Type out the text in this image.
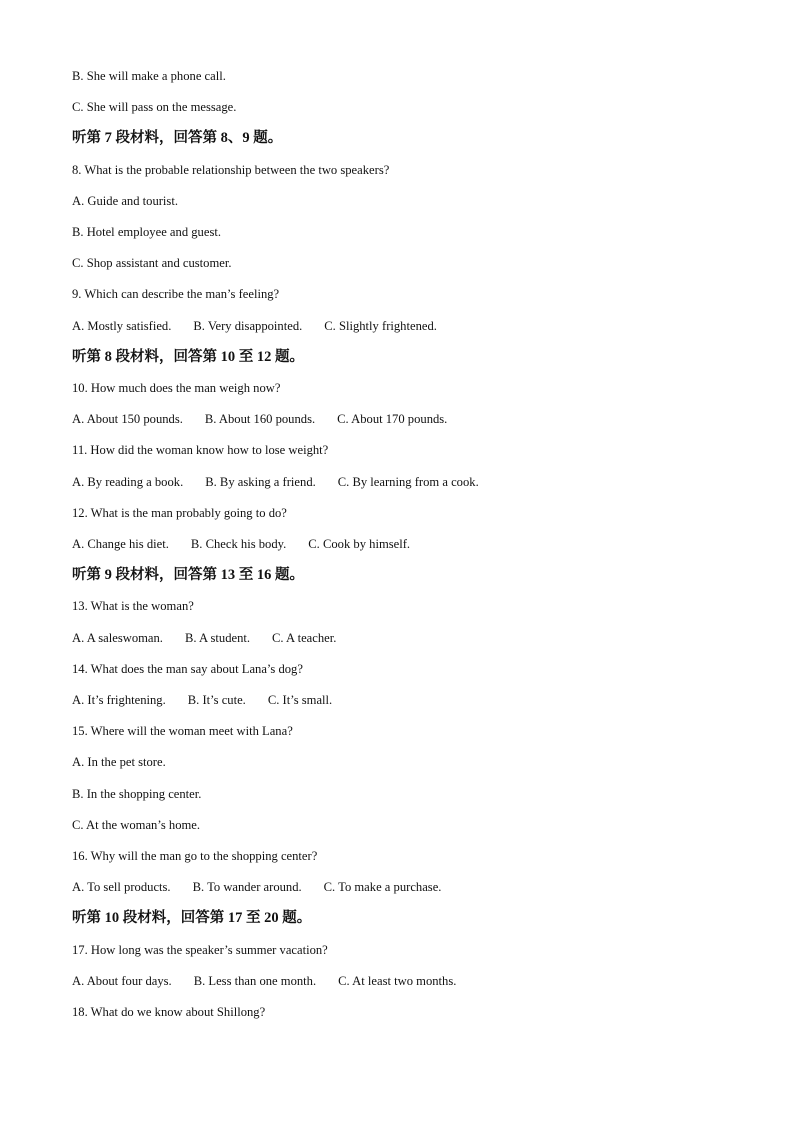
B. She will make a phone call.
C. She will pass on the message.
听第 7 段材料，回答第 8、9 题。
8. What is the probable relationship between the two speakers?
A. Guide and tourist.
B. Hotel employee and guest.
C. Shop assistant and customer.
9. Which can describe the man’s feeling?
A. Mostly satisfied. B. Very disappointed. C. Slightly frightened.
听第 8 段材料，回答第 10 至 12 题。
10. How much does the man weigh now?
A. About 150 pounds. B. About 160 pounds. C. About 170 pounds.
11. How did the woman know how to lose weight?
A. By reading a book. B. By asking a friend. C. By learning from a cook.
12. What is the man probably going to do?
A. Change his diet. B. Check his body. C. Cook by himself.
听第 9 段材料，回答第 13 至 16 题。
13. What is the woman?
A. A saleswoman. B. A student. C. A teacher.
14. What does the man say about Lana’s dog?
A. It’s frightening. B. It’s cute. C. It’s small.
15. Where will the woman meet with Lana?
A. In the pet store.
B. In the shopping center.
C. At the woman’s home.
16. Why will the man go to the shopping center?
A. To sell products. B. To wander around. C. To make a purchase.
听第 10 段材料，回答第 17 至 20 题。
17. How long was the speaker’s summer vacation?
A. About four days. B. Less than one month. C. At least two months.
18. What do we know about Shillong?
